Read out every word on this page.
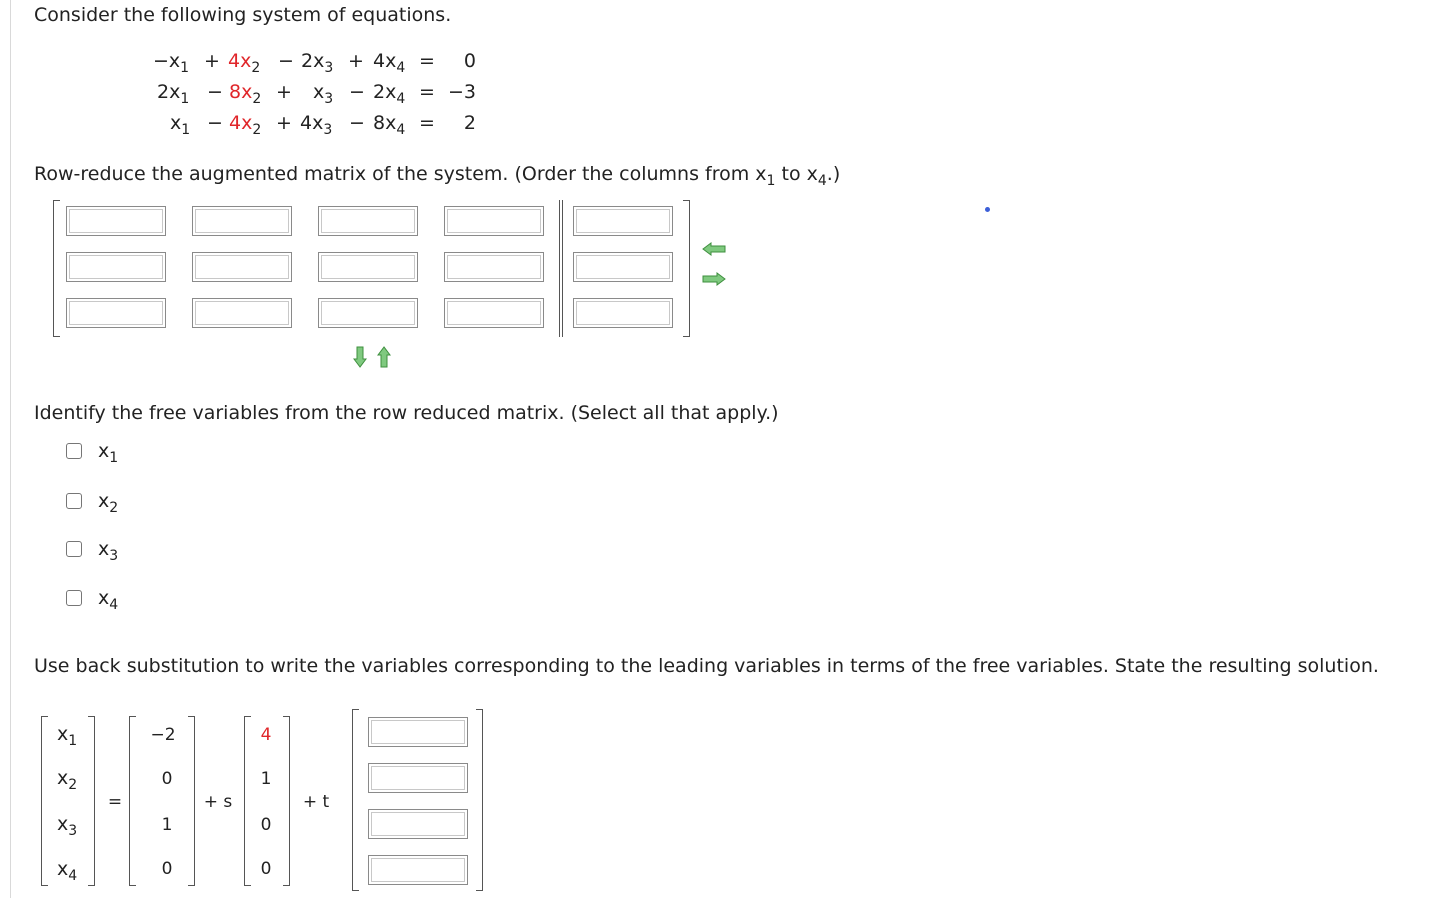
Consider the following system of equations.
$-x_1 + 4x_2 - 2x_3 + 4x_4$ =	0
$2x_1 - 8x_2 + x_3 - 2x_4 = -3$
$x_1 - 4x_2 + 4x_3 - 8x_4$ =	2
Row-reduce the augmented matrix of the system. (Order the columns from $x_1$ to $x_4$.)
Identify the free variables from the row reduced matrix. (Select all that apply.)
$x_1$
$x_2$
$x_3$
$x_4$
Use back substitution to write the variables corresponding to the leading variables in terms of the free variables. State the resulting solution.
$x_1$
$x_2$
$x_3$
$x_4$
=
−2
0
1
0
+ s
4
1
0
0
+ t
